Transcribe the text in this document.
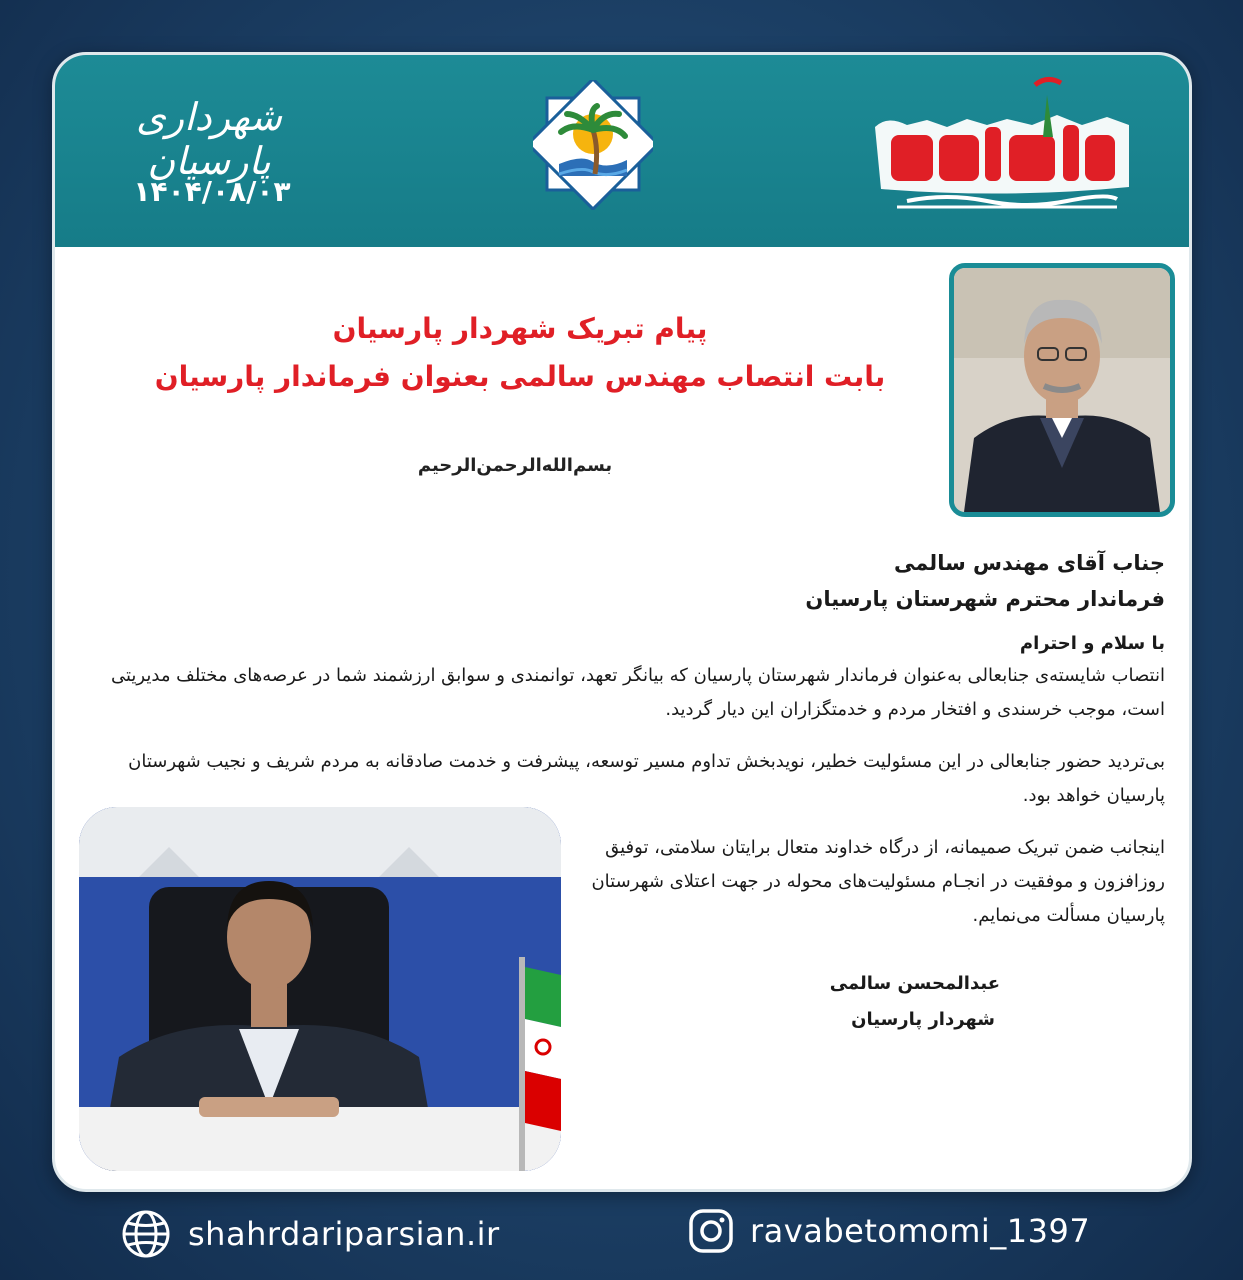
شهرداری پارسیان
۱۴۰۴/۰۸/۰۳
پیام تبریک شهردار پارسیان
بابت انتصاب مهندس سالمی بعنوان فرماندار پارسیان
بسم‌الله‌الرحمن‌الرحیم
جناب آقای مهندس سالمی
فرماندار محترم شهرستان پارسیان
با سلام و احترام
انتصاب شایسته‌ی جنابعالی به‌عنوان فرماندار شهرستان پارسیان که بیانگر تعهد، توانمندی و سوابق ارزشمند شما در عرصه‌های مختلف مدیریتی است، موجب خرسندی و افتخار مردم و خدمتگزاران این دیار گردید.
بی‌تردید حضور جنابعالی در این مسئولیت خطیر، نویدبخش تداوم مسیر توسعه، پیشرفت و خدمت صادقانه به مردم شریف و نجیب شهرستان پارسیان خواهد بود.
اینجانب ضمن تبریک صمیمانه، از درگاه خداوند متعال برایتان سلامتی، توفیق روزافزون و موفقیت در انجـام مسئولیت‌های محوله در جهت اعتلای شهرستان پارسیان مسألت می‌نمایم.
عبدالمحسن سالمی
شهردار پارسیان
shahrdariparsian.ir	ravabetomomi_1397
